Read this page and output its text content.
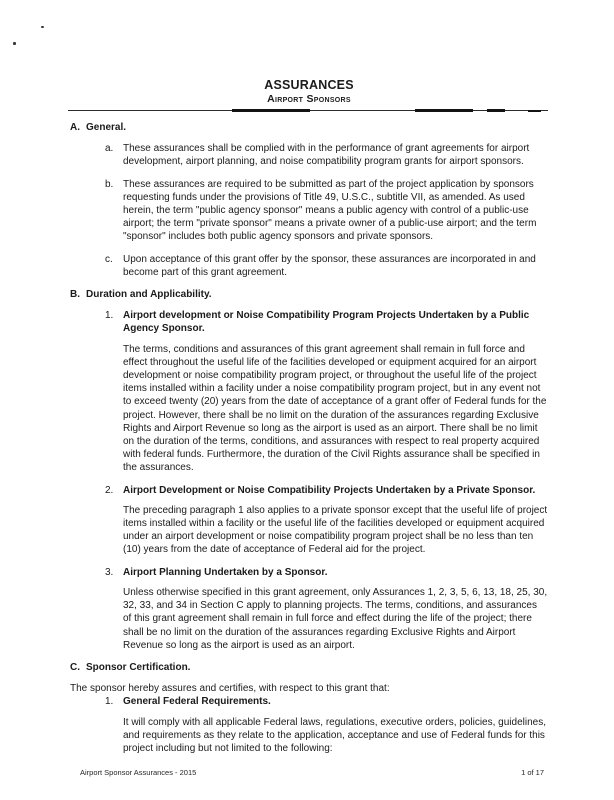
ASSURANCES
Airport Sponsors
A. General.
a. These assurances shall be complied with in the performance of grant agreements for airport development, airport planning, and noise compatibility program grants for airport sponsors.

b. These assurances are required to be submitted as part of the project application by sponsors requesting funds under the provisions of Title 49, U.S.C., subtitle VII, as amended. As used herein, the term "public agency sponsor" means a public agency with control of a public-use airport; the term "private sponsor" means a private owner of a public-use airport; and the term "sponsor" includes both public agency sponsors and private sponsors.

c.	Upon acceptance of this grant offer by the sponsor, these assurances are incorporated in and become part of this grant agreement.

B. Duration and Applicability.
1. Airport development or Noise Compatibility Program Projects Undertaken by a Public Agency Sponsor.

The terms, conditions and assurances of this grant agreement shall remain in full force and effect throughout the useful life of the facilities developed or equipment acquired for an airport development or noise compatibility program project, or throughout the useful life of the project items installed within a facility under a noise compatibility program project, but in any event not to exceed twenty (20) years from the date of acceptance of a grant offer of Federal funds for the project. However, there shall be no limit on the duration of the assurances regarding Exclusive Rights and Airport Revenue so long as the airport is used as an airport. There shall be no limit on the duration of the terms, conditions, and assurances with respect to real property acquired with federal funds. Furthermore, the duration of the Civil Rights assurance shall be specified in the assurances.

2. Airport Development or Noise Compatibility Projects Undertaken by a Private Sponsor.

The preceding paragraph 1 also applies to a private sponsor except that the useful life of project items installed within a facility or the useful life of the facilities developed or equipment acquired under an airport development or noise compatibility program project shall be no less than ten (10) years from the date of acceptance of Federal aid for the project.

3. Airport Planning Undertaken by a Sponsor.

Unless otherwise specified in this grant agreement, only Assurances 1, 2, 3, 5, 6, 13, 18, 25, 30, 32, 33, and 34 in Section C apply to planning projects. The terms, conditions, and assurances of this grant agreement shall remain in full force and effect during the life of the project; there shall be no limit on the duration of the assurances regarding Exclusive Rights and Airport Revenue so long as the airport is used as an airport.

C. Sponsor Certification.

The sponsor hereby assures and certifies, with respect to this grant that:

1. General Federal Requirements.

It will comply with all applicable Federal laws, regulations, executive orders, policies, guidelines, and requirements as they relate to the application, acceptance and use of Federal funds for this project including but not limited to the following:

Airport Sponsor Assurances - 2015	1 of 17
